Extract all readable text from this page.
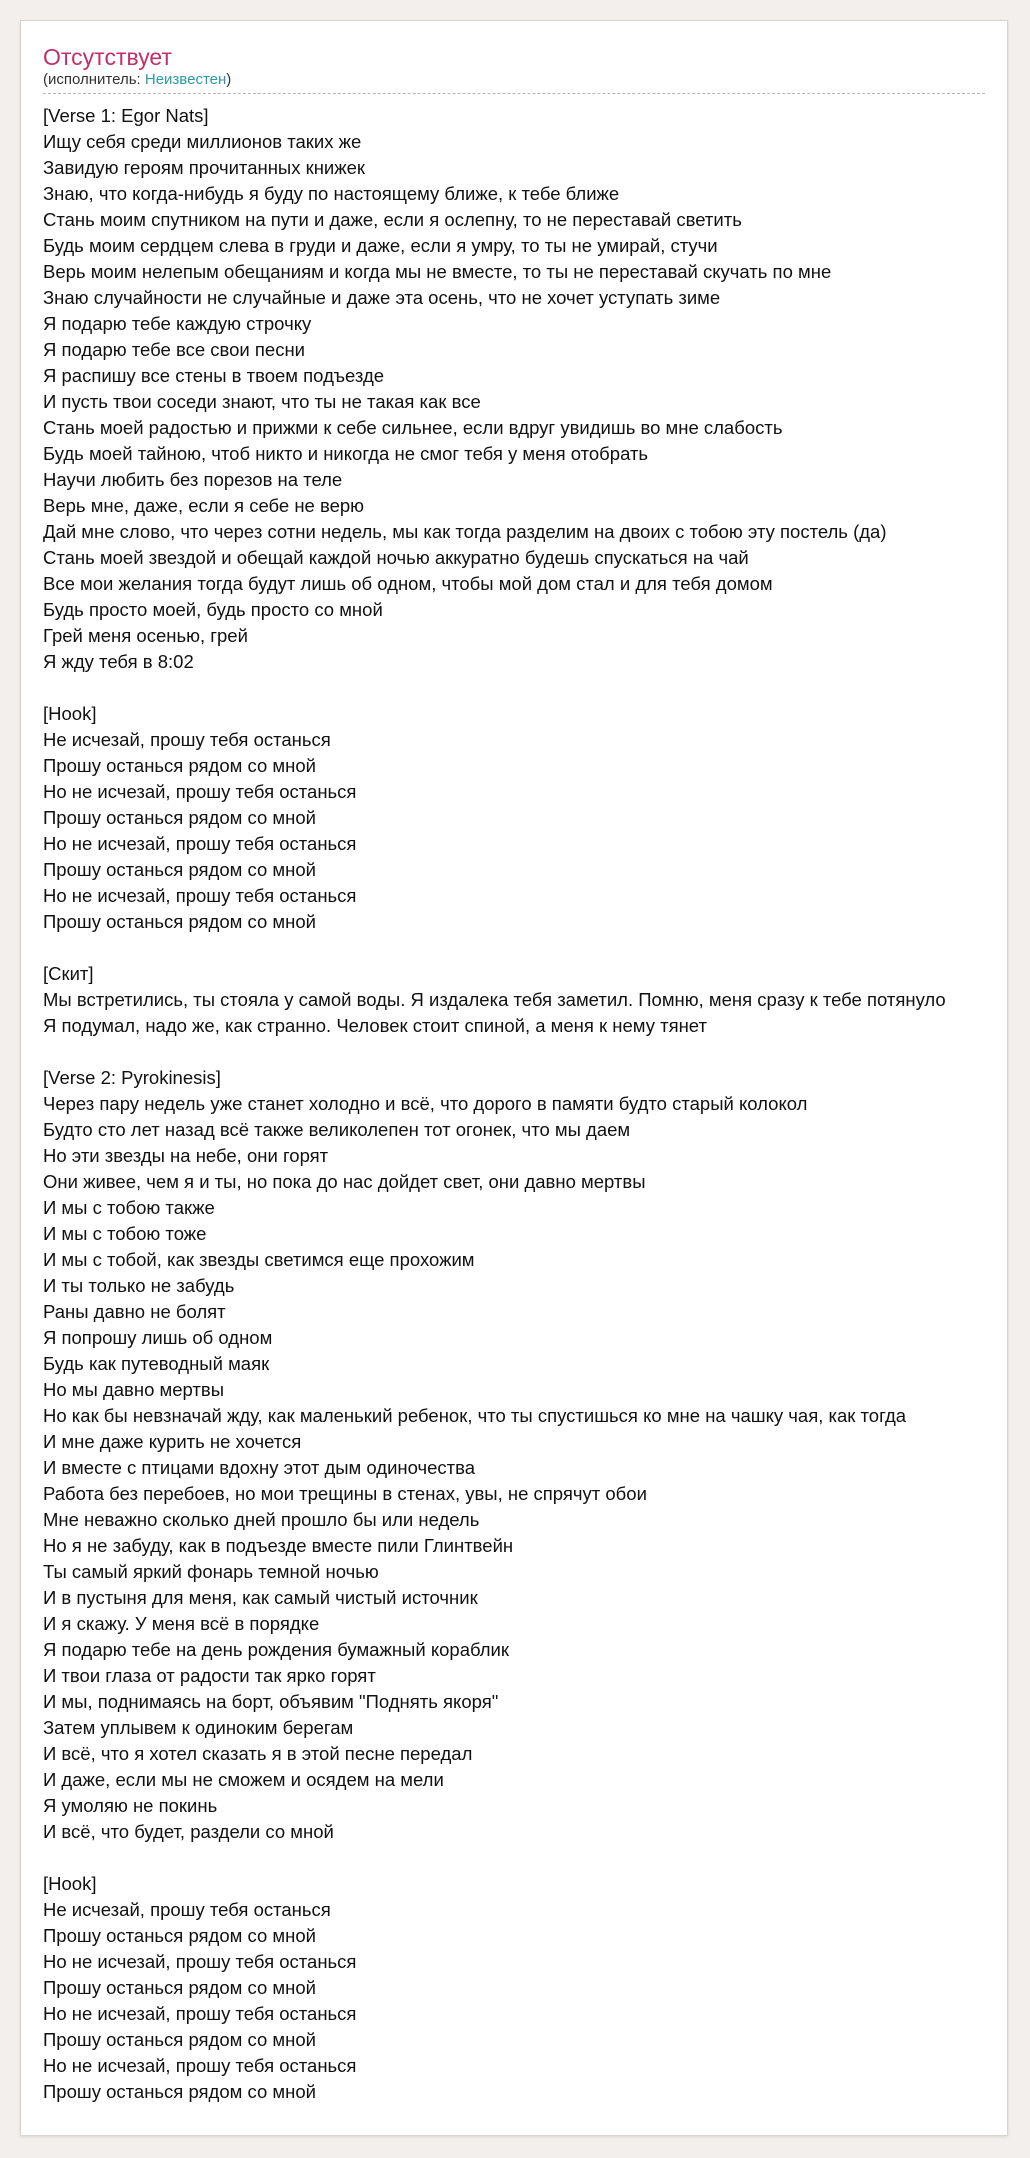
Отсутствует
(исполнитель: Неизвестен)
[Verse 1: Egor Nats]
Ищу себя среди миллионов таких же
Завидую героям прочитанных книжек
Знаю, что когда-нибудь я буду по настоящему ближе, к тебе ближе
Стань моим спутником на пути и даже, если я ослепну, то не переставай светить
Будь моим сердцем слева в груди и даже, если я умру, то ты не умирай, стучи
Верь моим нелепым обещаниям и когда мы не вместе, то ты не переставай скучать по мне
Знаю случайности не случайные и даже эта осень, что не хочет уступать зиме
Я подарю тебе каждую строчку
Я подарю тебе все свои песни
Я распишу все стены в твоем подъезде
И пусть твои соседи знают, что ты не такая как все
Стань моей радостью и прижми к себе сильнее, если вдруг увидишь во мне слабость
Будь моей тайною, чтоб никто и никогда не смог тебя у меня отобрать
Научи любить без порезов на теле
Верь мне, даже, если я себе не верю
Дай мне слово, что через сотни недель, мы как тогда разделим на двоих с тобою эту постель (да)
Стань моей звездой и обещай каждой ночью аккуратно будешь спускаться на чай
Все мои желания тогда будут лишь об одном, чтобы мой дом стал и для тебя домом
Будь просто моей, будь просто со мной
Грей меня осенью, грей
Я жду тебя в 8:02
[Hook]
Не исчезай, прошу тебя останься
Прошу останься рядом со мной
Но не исчезай, прошу тебя останься
Прошу останься рядом со мной
Но не исчезай, прошу тебя останься
Прошу останься рядом со мной
Но не исчезай, прошу тебя останься
Прошу останься рядом со мной
[Скит]
Мы встретились, ты стояла у самой воды. Я издалека тебя заметил. Помню, меня сразу к тебе потянуло
Я подумал, надо же, как странно. Человек стоит спиной, а меня к нему тянет
[Verse 2: Pyrokinesis]
Через пару недель уже станет холодно и всё, что дорого в памяти будто старый колокол
Будто сто лет назад всё также великолепен тот огонек, что мы даем
Но эти звезды на небе, они горят
Они живее, чем я и ты, но пока до нас дойдет свет, они давно мертвы
И мы с тобою также
И мы с тобою тоже
И мы с тобой, как звезды светимся еще прохожим
И ты только не забудь
Раны давно не болят
Я попрошу лишь об одном
Будь как путеводный маяк
Но мы давно мертвы
Но как бы невзначай жду, как маленький ребенок, что ты спустишься ко мне на чашку чая, как тогда
И мне даже курить не хочется
И вместе с птицами вдохну этот дым одиночества
Работа без перебоев, но мои трещины в стенах, увы, не спрячут обои
Мне неважно сколько дней прошло бы или недель
Но я не забуду, как в подъезде вместе пили Глинтвейн
Ты самый яркий фонарь темной ночью
И в пустыня для меня, как самый чистый источник
И я скажу. У меня всё в порядке
Я подарю тебе на день рождения бумажный кораблик
И твои глаза от радости так ярко горят
И мы, поднимаясь на борт, объявим "Поднять якоря"
Затем уплывем к одиноким берегам
И всё, что я хотел сказать я в этой песне передал
И даже, если мы не сможем и осядем на мели
Я умоляю не покинь
И всё, что будет, раздели со мной
[Hook]
Не исчезай, прошу тебя останься
Прошу останься рядом со мной
Но не исчезай, прошу тебя останься
Прошу останься рядом со мной
Но не исчезай, прошу тебя останься
Прошу останься рядом со мной
Но не исчезай, прошу тебя останься
Прошу останься рядом со мной
